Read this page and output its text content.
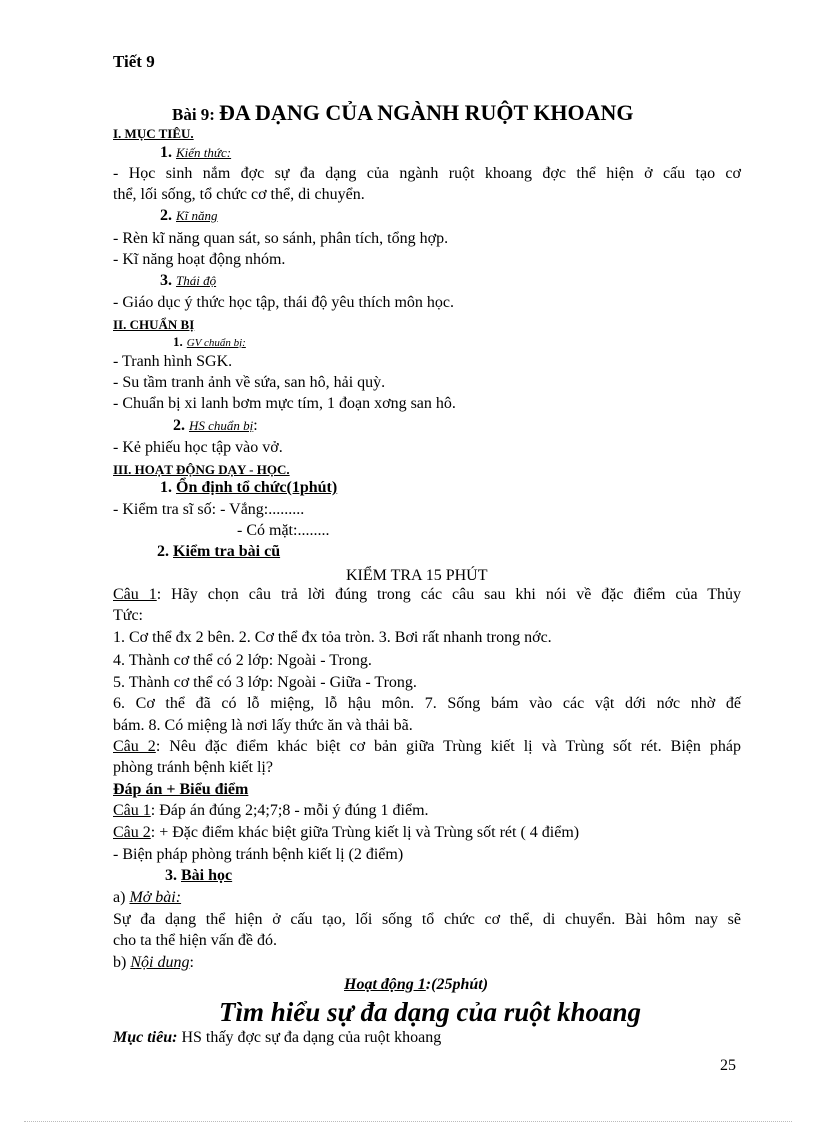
Tiết 9
Bài 9: ĐA DẠNG CỦA NGÀNH RUỘT KHOANG
I. MỤC TIÊU.
1. Kiến thức:
- Học sinh nắm đợc sự đa dạng của ngành ruột khoang đợc thể hiện ở cấu tạo cơ
thể, lối sống, tổ chức cơ thể, di chuyển.
2. Kĩ năng
- Rèn kĩ năng quan sát, so sánh, phân tích, tổng hợp.
- Kĩ năng hoạt động nhóm.
3. Thái độ
- Giáo dục ý thức học tập, thái độ yêu thích môn học.
II. CHUẨN BỊ
1. GV chuẩn bị:
- Tranh hình SGK.
- Su tầm tranh ảnh về sứa, san hô, hải quỳ.
- Chuẩn bị xi lanh bơm mực tím, 1 đoạn xơng san hô.
2. HS chuẩn bị:
- Kẻ phiếu học tập vào vở.
III. HOẠT ĐỘNG DẠY - HỌC.
1. Ổn định tổ chức(1phút)
- Kiểm tra sĩ số: - Vắng:.........
- Có mặt:........
2. Kiểm tra bài cũ
KIỂM TRA 15 PHÚT
Câu 1: Hãy chọn câu trả lời đúng trong các câu sau khi nói về đặc điểm của Thủy
Tức:
1. Cơ thể đx 2 bên. 2. Cơ thể đx tỏa tròn. 3. Bơi rất nhanh trong nớc.
4. Thành cơ thể có 2 lớp: Ngoài - Trong.
5. Thành cơ thể có 3 lớp: Ngoài - Giữa - Trong.
6. Cơ thể đã có lỗ miệng, lỗ hậu môn. 7. Sống bám vào các vật dới nớc nhờ đế
bám. 8. Có miệng là nơi lấy thức ăn và thải bã.
Câu 2: Nêu đặc điểm khác biệt cơ bản giữa Trùng kiết lị và Trùng sốt rét. Biện pháp
phòng tránh bệnh kiết lị?
Đáp án + Biểu điểm
Câu 1: Đáp án đúng 2;4;7;8 - mỗi ý đúng 1 điểm.
Câu 2: + Đặc điểm khác biệt giữa Trùng kiết lị và Trùng sốt rét ( 4 điểm)
- Biện pháp phòng tránh bệnh kiết lị (2 điểm)
3. Bài học
a) Mở bài:
Sự đa dạng thể hiện ở cấu tạo, lối sống tổ chức cơ thể, di chuyển. Bài hôm nay sẽ
cho ta thể hiện vấn đề đó.
b) Nội dung:
Hoạt động 1:(25phút)
Tìm hiểu sự đa dạng của ruột khoang
Mục tiêu: HS thấy đợc sự đa dạng của ruột khoang
25
